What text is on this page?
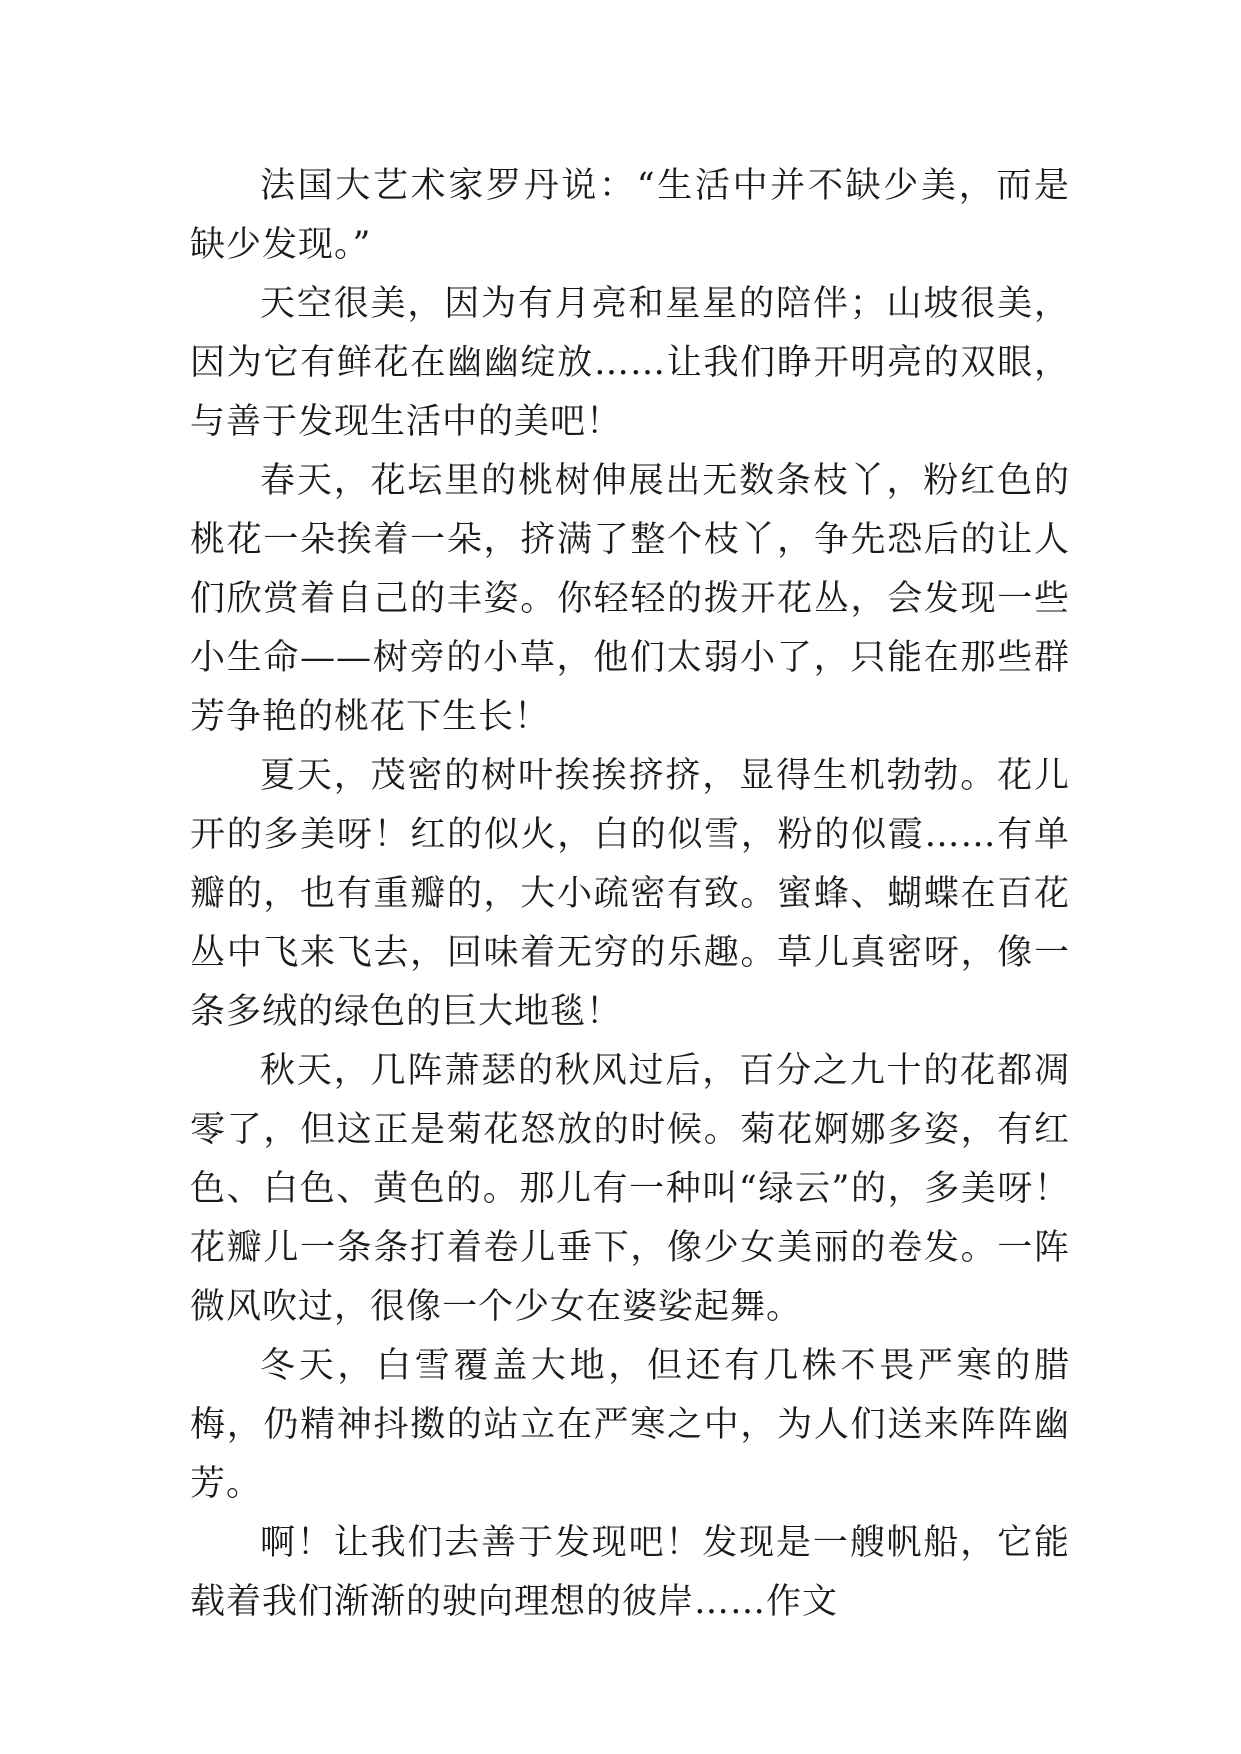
法国大艺术家罗丹说：“生活中并不缺少美，而是缺少发现。”

天空很美，因为有月亮和星星的陪伴；山坡很美，因为它有鲜花在幽幽绽放……让我们睁开明亮的双眼，与善于发现生活中的美吧！

春天，花坛里的桃树伸展出无数条枝丫，粉红色的桃花一朵挨着一朵，挤满了整个枝丫，争先恐后的让人们欣赏着自己的丰姿。你轻轻的拨开花丛，会发现一些小生命——树旁的小草，他们太弱小了，只能在那些群芳争艳的桃花下生长！

夏天，茂密的树叶挨挨挤挤，显得生机勃勃。花儿开的多美呀！红的似火，白的似雪，粉的似霞……有单瓣的，也有重瓣的，大小疏密有致。蜜蜂、蝴蝶在百花丛中飞来飞去，回味着无穷的乐趣。草儿真密呀，像一条多绒的绿色的巨大地毯！

秋天，几阵萧瑟的秋风过后，百分之九十的花都凋零了，但这正是菊花怒放的时候。菊花婀娜多姿，有红色、白色、黄色的。那儿有一种叫“绿云”的，多美呀！花瓣儿一条条打着卷儿垂下，像少女美丽的卷发。一阵微风吹过，很像一个少女在婆娑起舞。

冬天，白雪覆盖大地，但还有几株不畏严寒的腊梅，仍精神抖擞的站立在严寒之中，为人们送来阵阵幽芳。

啊！让我们去善于发现吧！发现是一艘帆船，它能载着我们渐渐的驶向理想的彼岸……作文
